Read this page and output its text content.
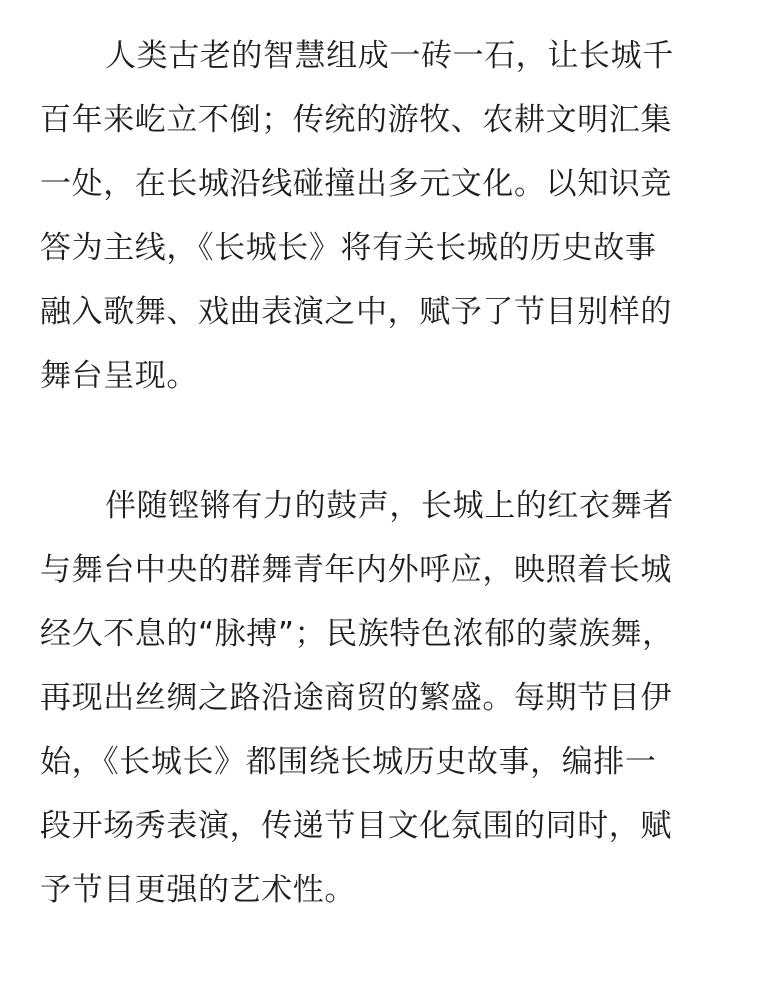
人类古老的智慧组成一砖一石，让长城千
百年来屹立不倒；传统的游牧、农耕文明汇集
一处，在长城沿线碰撞出多元文化。以知识竞
答为主线，《长城长》将有关长城的历史故事
融入歌舞、戏曲表演之中，赋予了节目别样的
舞台呈现。
伴随铿锵有力的鼓声，长城上的红衣舞者
与舞台中央的群舞青年内外呼应，映照着长城
经久不息的“脉搏”；民族特色浓郁的蒙族舞，
再现出丝绸之路沿途商贸的繁盛。每期节目伊
始，《长城长》都围绕长城历史故事，编排一
段开场秀表演，传递节目文化氛围的同时，赋
予节目更强的艺术性。
